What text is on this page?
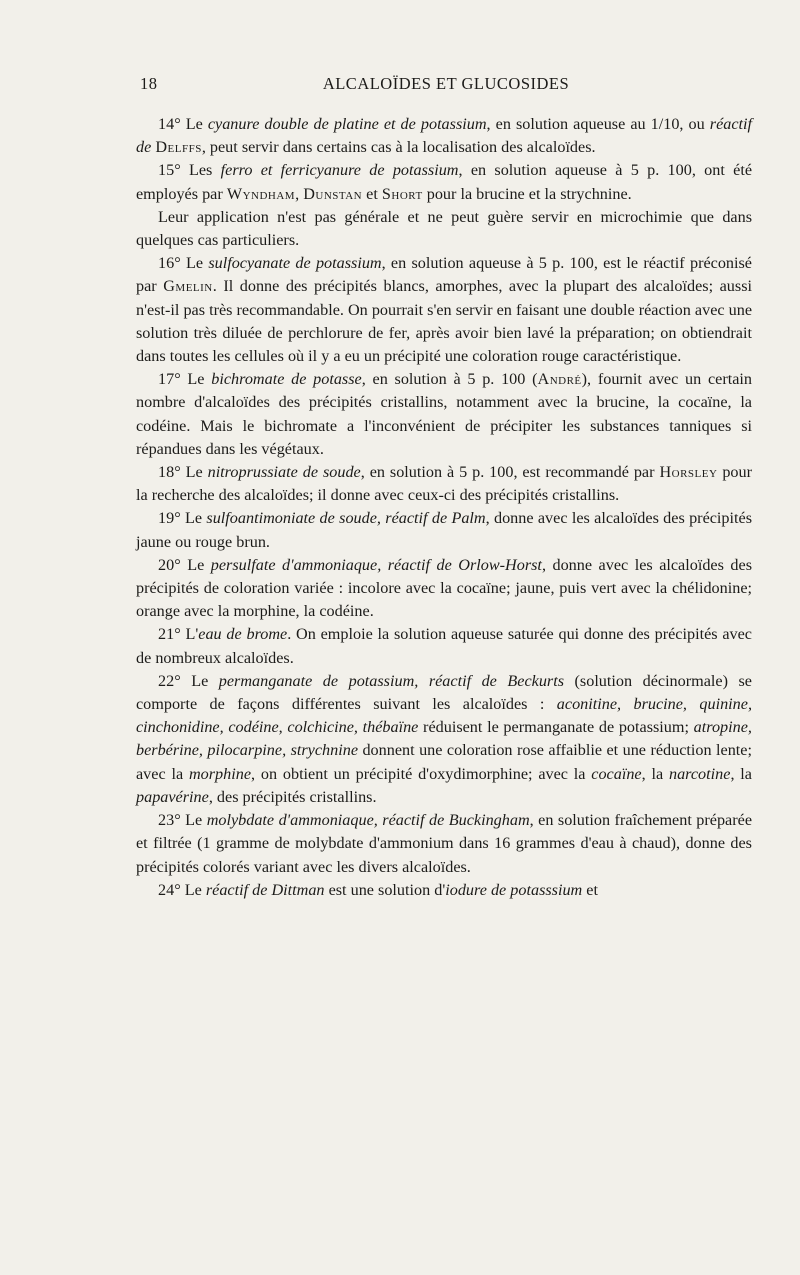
18	ALCALOÏDES ET GLUCOSIDES

14° Le cyanure double de platine et de potassium, en solution aqueuse au 1/10, ou réactif de Delffs, peut servir dans certains cas à la localisation des alcaloïdes.

15° Les ferro et ferricyanure de potassium, en solution aqueuse à 5 p. 100, ont été employés par Wyndham, Dunstan et Short pour la brucine et la strychnine.

Leur application n'est pas générale et ne peut guère servir en microchimie que dans quelques cas particuliers.

16° Le sulfocyanate de potassium, en solution aqueuse à 5 p. 100, est le réactif préconisé par Gmelin. Il donne des précipités blancs, amorphes, avec la plupart des alcaloïdes; aussi n'est-il pas très recommandable. On pourrait s'en servir en faisant une double réaction avec une solution très diluée de perchlorure de fer, après avoir bien lavé la préparation; on obtiendrait dans toutes les cellules où il y a eu un précipité une coloration rouge caractéristique.

17° Le bichromate de potasse, en solution à 5 p. 100 (André), fournit avec un certain nombre d'alcaloïdes des précipités cristallins, notamment avec la brucine, la cocaïne, la codéine. Mais le bichromate a l'inconvénient de précipiter les substances tanniques si répandues dans les végétaux.

18° Le nitroprussiate de soude, en solution à 5 p. 100, est recommandé par Horsley pour la recherche des alcaloïdes; il donne avec ceux-ci des précipités cristallins.

19° Le sulfoantimoniate de soude, réactif de Palm, donne avec les alcaloïdes des précipités jaune ou rouge brun.

20° Le persulfate d'ammoniaque, réactif de Orlow-Horst, donne avec les alcaloïdes des précipités de coloration variée : incolore avec la cocaïne; jaune, puis vert avec la chélidonine; orange avec la morphine, la codéine.

21° L'eau de brome. On emploie la solution aqueuse saturée qui donne des précipités avec de nombreux alcaloïdes.

22° Le permanganate de potassium, réactif de Beckurts (solution décinormale) se comporte de façons différentes suivant les alcaloïdes : aconitine, brucine, quinine, cinchonidine, codéine, colchicine, thébaïne réduisent le permanganate de potassium; atropine, berbérine, pilocarpine, strychnine donnent une coloration rose affaiblie et une réduction lente; avec la morphine, on obtient un précipité d'oxydimorphine; avec la cocaïne, la narcotine, la papavérine, des précipités cristallins.

23° Le molybdate d'ammoniaque, réactif de Buckingham, en solution fraîchement préparée et filtrée (1 gramme de molybdate d'ammonium dans 16 grammes d'eau à chaud), donne des précipités colorés variant avec les divers alcaloïdes.

24° Le réactif de Dittman est une solution d'iodure de potasssium et
